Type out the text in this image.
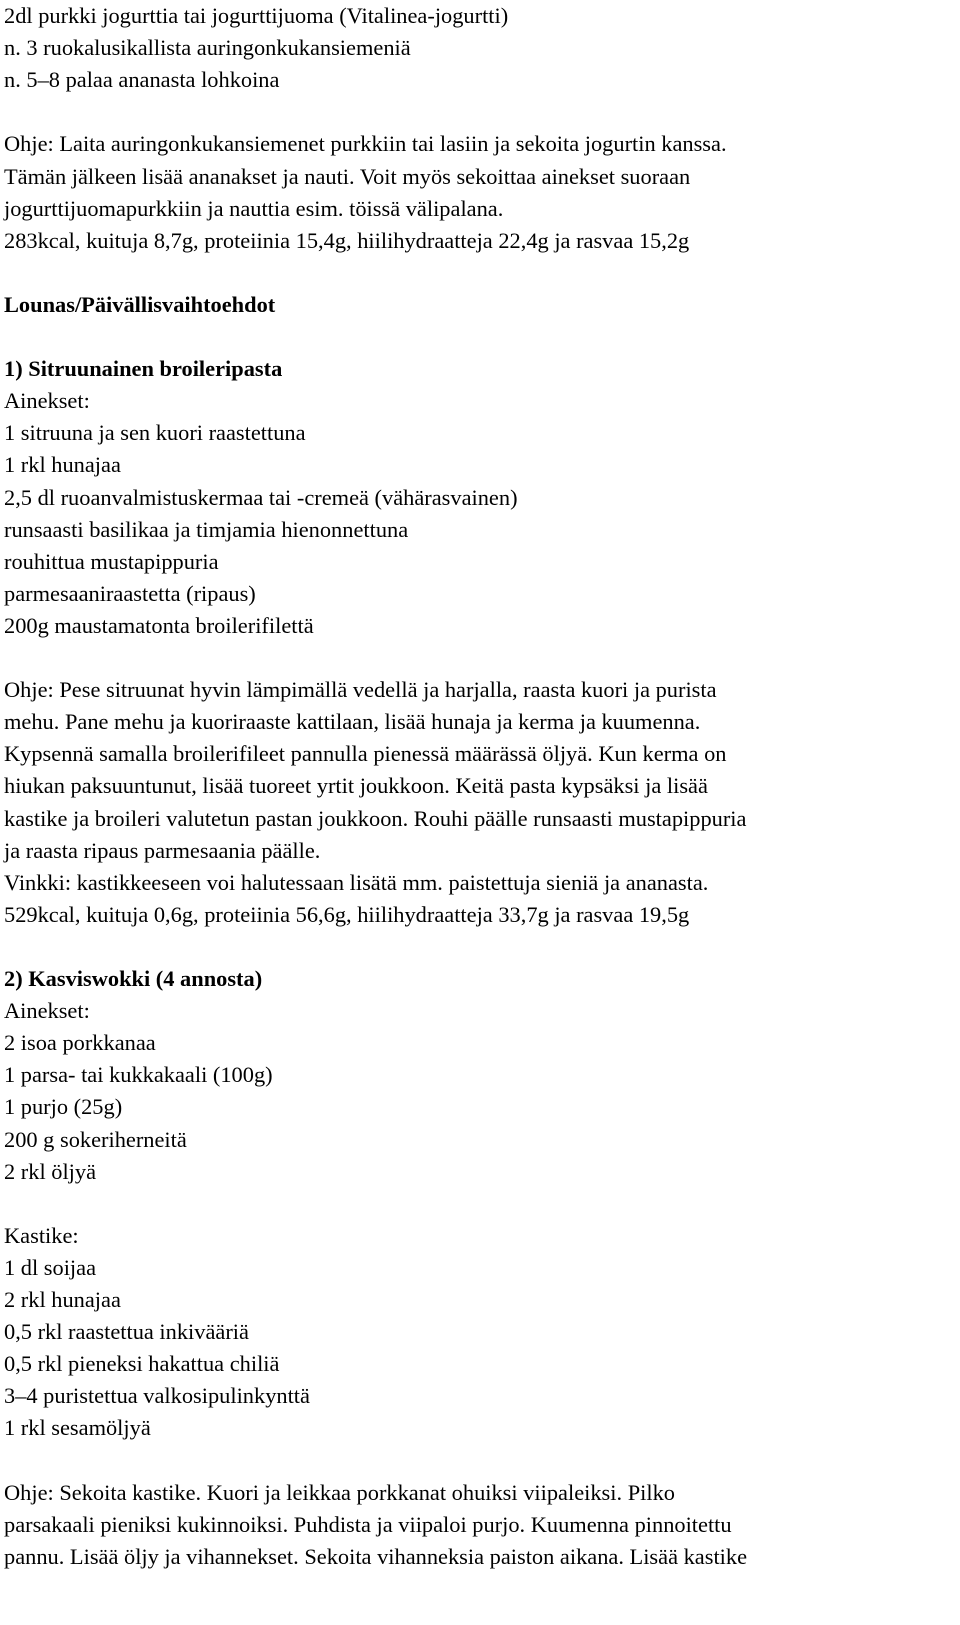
2dl purkki jogurttia tai jogurttijuoma (Vitalinea-jogurtti)
n. 3 ruokalusikallista auringonkukansiemeniä
n. 5–8 palaa ananasta lohkoina
Ohje: Laita auringonkukansiemenet purkkiin tai lasiin ja sekoita jogurtin kanssa.
Tämän jälkeen lisää ananakset ja nauti. Voit myös sekoittaa ainekset suoraan
jogurttijuomapurkkiin ja nauttia esim. töissä välipalana.
283kcal, kuituja 8,7g, proteiinia 15,4g, hiilihydraatteja 22,4g ja rasvaa 15,2g
Lounas/Päivällisvaihtoehdot
1) Sitruunainen broileripasta
Ainekset:
1 sitruuna ja sen kuori raastettuna
1 rkl hunajaa
2,5 dl ruoanvalmistuskermaa tai -cremeä (vähärasvainen)
runsaasti basilikaa ja timjamia hienonnettuna
rouhittua mustapippuria
parmesaaniraastetta (ripaus)
200g maustamatonta broilerifilettä
Ohje: Pese sitruunat hyvin lämpimällä vedellä ja harjalla, raasta kuori ja purista
mehu. Pane mehu ja kuoriraaste kattilaan, lisää hunaja ja kerma ja kuumenna.
Kypsennä samalla broilerifileet pannulla pienessä määrässä öljyä. Kun kerma on
hiukan paksuuntunut, lisää tuoreet yrtit joukkoon. Keitä pasta kypsäksi ja lisää
kastike ja broileri valutetun pastan joukkoon. Rouhi päälle runsaasti mustapippuria
ja raasta ripaus parmesaania päälle.
Vinkki: kastikkeeseen voi halutessaan lisätä mm. paistettuja sieniä ja ananasta.
529kcal, kuituja 0,6g, proteiinia 56,6g, hiilihydraatteja 33,7g ja rasvaa 19,5g
2) Kasviswokki (4 annosta)
Ainekset:
2 isoa porkkanaa
1 parsa- tai kukkakaali (100g)
1 purjo (25g)
200 g sokeriherneitä
2 rkl öljyä
Kastike:
1 dl soijaa
2 rkl hunajaa
0,5 rkl raastettua inkivääriä
0,5 rkl pieneksi hakattua chiliä
3–4 puristettua valkosipulinkynttä
1 rkl sesamöljyä
Ohje: Sekoita kastike. Kuori ja leikkaa porkkanat ohuiksi viipaleiksi. Pilko
parsakaali pieniksi kukinnoiksi. Puhdista ja viipaloi purjo. Kuumenna pinnoitettu
pannu. Lisää öljy ja vihannekset. Sekoita vihanneksia paiston aikana. Lisää kastike
